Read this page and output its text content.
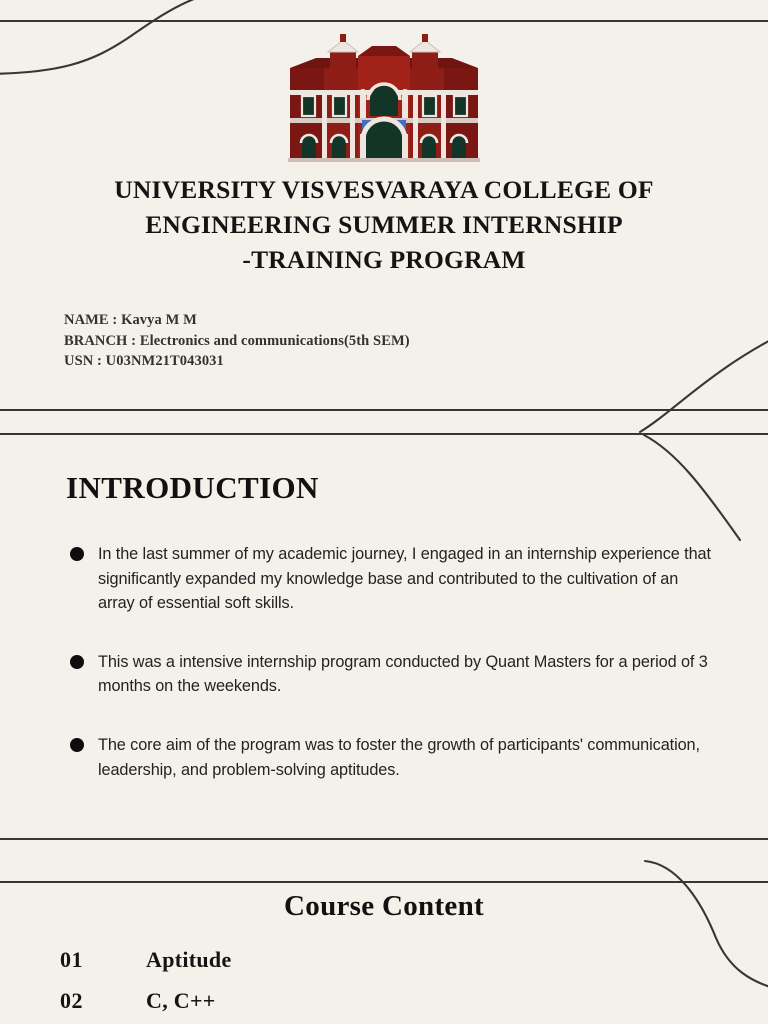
UNIVERSITY VISVESVARAYA COLLEGE OF
ENGINEERING SUMMER INTERNSHIP
-TRAINING PROGRAM
NAME : Kavya M M
BRANCH : Electronics and communications(5th SEM)
USN : U03NM21T043031
INTRODUCTION
In the last summer of my academic journey, I engaged in an internship experience that significantly expanded my knowledge base and contributed to the cultivation of an array of essential soft skills.
This was a intensive internship program conducted by Quant Masters for a period of 3 months on the weekends.
The core aim of the program was to foster the growth of participants' communication, leadership, and problem-solving aptitudes.
Course Content
01	Aptitude
02	C, C++
